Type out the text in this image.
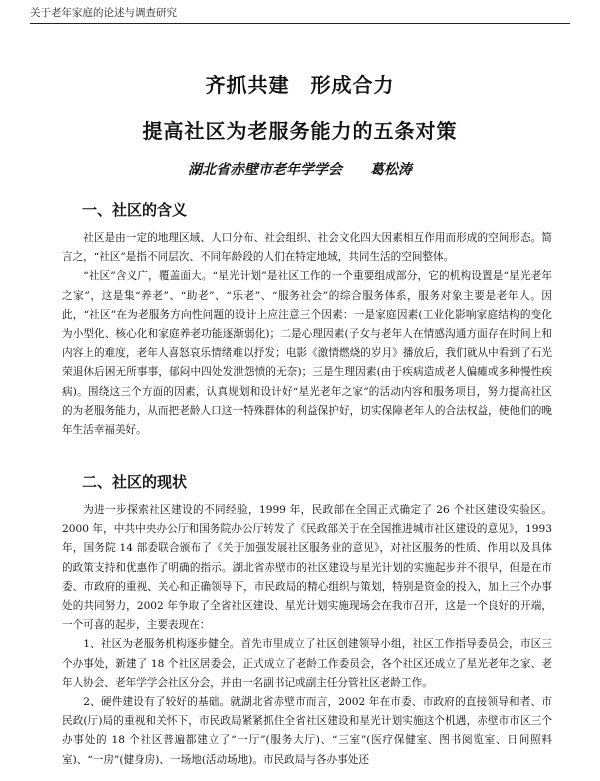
关于老年家庭的论述与调查研究
齐抓共建　形成合力
提高社区为老服务能力的五条对策
湖北省赤壁市老年学学会　　葛松涛
一、社区的含义

社区是由一定的地理区域、人口分布、社会组织、社会文化四大因素相互作用而形成的空间形态。简言之，“社区”是指不同层次、不同年龄段的人们在特定地域，共同生活的空间整体。

“社区”含义广，覆盖面大。“星光计划”是社区工作的一个重要组成部分，它的机构设置是“星光老年之家”，这是集“养老”、“助老”、“乐老”、“服务社会”的综合服务体系，服务对象主要是老年人。因此，“社区”在为老服务方向性问题的设计上应注意三个因素：一是家庭因素(工业化影响家庭结构的变化为小型化、核心化和家庭养老功能逐渐弱化)；二是心理因素(子女与老年人在情感沟通方面存在时间上和内容上的难度，老年人喜怒哀乐情绪难以抒发；电影《激情燃烧的岁月》播放后，我们就从中看到了石光荣退休后困无所事事，郁闷中四处发泄怨愤的无奈)；三是生理因素(由于疾病造成老人偏瘫或多种慢性疾病)。围绕这三个方面的因素，认真规划和设计好“星光老年之家”的活动内容和服务项目，努力提高社区的为老服务能力，从而把老龄人口这一特殊群体的利益保护好，切实保障老年人的合法权益，使他们的晚年生活幸福美好。

二、社区的现状

为进一步探索社区建设的不同经验，1999 年，民政部在全国正式确定了 26 个社区建设实验区。2000 年，中共中央办公厅和国务院办公厅转发了《民政部关于在全国推进城市社区建设的意见》，1993 年，国务院 14 部委联合颁布了《关于加强发展社区服务业的意见》，对社区服务的性质、作用以及具体的政策支持和优惠作了明确的指示。湖北省赤壁市的社区建设与星光计划的实施起步并不很早，但是在市委、市政府的重视、关心和正确领导下，市民政局的精心组织与策划，特别是资金的投入，加上三个办事处的共同努力，2002 年争取了全省社区建设、星光计划实施现场会在我市召开，这是一个良好的开端，一个可喜的起步，主要表现在：

1、社区为老服务机构逐步健全。首先市里成立了社区创建领导小组，社区工作指导委员会，市区三个办事处，新建了 18 个社区居委会，正式成立了老龄工作委员会，各个社区还成立了星光老年之家、老年人协会、老年学学会社区分会，并由一名副书记或副主任分管社区老龄工作。

2、硬件建设有了较好的基础。就湖北省赤壁市而言，2002 年在市委、市政府的直接领导和者、市民政(厅)局的重视和关怀下，市民政局紧紧抓住全省社区建设和星光计划实施这个机遇，赤壁市市区三个办事处的 18 个社区普遍都建立了“一厅”(服务大厅)、“三室”(医疗保健室、图书阅览室、日间照料室)、“一房”(健身房)、一场地(活动场地)。市民政局与各办事处还
